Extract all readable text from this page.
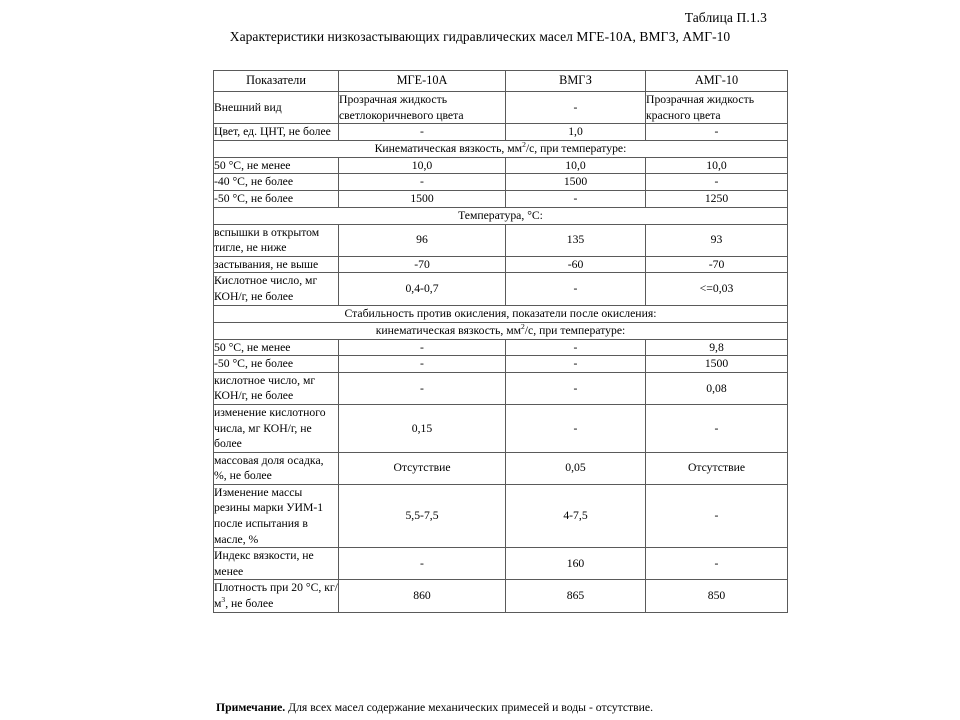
Таблица П.1.3
Характеристики низкозастывающих гидравлических масел МГЕ-10А, ВМГЗ, АМГ-10
Показатели	МГЕ-10А	ВМГЗ	АМГ-10
Внешний вид	Прозрачная жидкость светлокоричневого цвета	-	Прозрачная жидкость красного цвета
Цвет, ед. ЦНТ, не более	-	1,0	-
Кинематическая вязкость, $мм^2/с$, при температуре:			
50 °С, не менее	10,0	10,0	10,0
-40 °С, не более	-	1500	-
-50 °С, не более	1500	-	1250
Температура, °С:			
вспышки в открытом тигле, не ниже	96	135	93
застывания, не выше	-70	-60	-70
Кислотное число, мг КОН/г, не более	0,4-0,7	-	<=0,03
Стабильность против окисления, показатели после окисления:			
кинематическая вязкость, $мм^2/с$, при температуре:			
50 °С, не менее	-	-	9,8
-50 °С, не более	-	-	1500
кислотное число, мг КОН/г, не более	-	-	0,08
изменение кислотного числа, мг КОН/г, не более	0,15	-	-
массовая доля осадка, %, не более	Отсутствие	0,05	Отсутствие
Изменение массы резины марки УИМ-1 после испытания в масле, %	5,5-7,5	4-7,5	-
Индекс вязкости, не менее	-	160	-
Плотность при 20 °С, $кг/м^3$, не более	860	865	850
Примечание. Для всех масел содержание механических примесей и воды - отсутствие.
